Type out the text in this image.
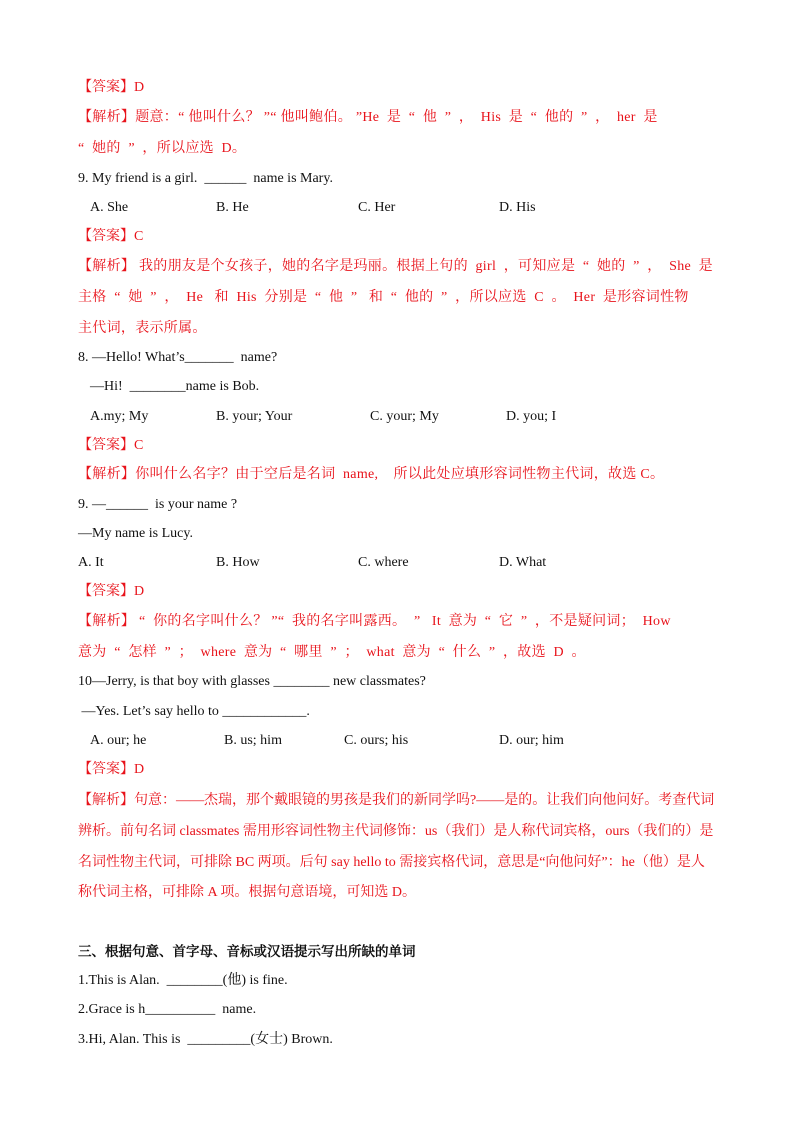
【答案】D
【解析】题意：“ 他叫什么？ ”“ 他叫鲍伯。 ”He  是  “  他  ”  ，  His  是  “  他的  ”  ，  her  是
“  她的  ”  ，所以应选  D。
9. My friend is a girl.  ______  name is Mary.
A. She	B. He	C. Her	D. His
【答案】C
【解析】 我的朋友是个女孩子，她的名字是玛丽。根据上句的  girl  ，可知应是  “  她的  ”  ，  She  是
主格  “  她  ”  ，  He   和  His  分别是  “  他  ”   和  “  他的  ”  ，所以应选  C  。  Her  是形容词性物
主代词，表示所属。
8. —Hello! What’s_______  name?
—Hi!  ________name is Bob.
A.my; My	B. your; Your	C. your; My	D. you; I
【答案】C
【解析】你叫什么名字？由于空后是名词  name,    所以此处应填形容词性物主代词，故选 C。
9. —______  is your name ?
—My name is Lucy.
A. It	B. How	C. where	D. What
【答案】D
【解析】 “  你的名字叫什么？ ”“  我的名字叫露西。  ”   It  意为  “  它  ”  ，不是疑问词；  How
意为  “  怎样  ”  ；  where  意为  “  哪里  ”  ；  what  意为  “  什么  ”  ，故选  D  。
10—Jerry, is that boy with glasses ________ new classmates?
—Yes. Let’s say hello to ____________.
A. our; he	B. us; him	C. ours; his	D. our; him
【答案】D
【解析】句意：——杰瑞，那个戴眼镜的男孩是我们的新同学吗?——是的。让我们向他问好。考查代词
辨析。前句名词 classmates 需用形容词性物主代词修饰：us（我们）是人称代词宾格，ours（我们的）是
名词性物主代词，可排除 BC 两项。后句 say hello to 需接宾格代词，意思是“向他问好”：he（他）是人
称代词主格，可排除 A 项。根据句意语境，可知选 D。
三、根据句意、首字母、音标或汉语提示写出所缺的单词
1.This is Alan.  ________(他) is fine.
2.Grace is h__________  name.
3.Hi, Alan. This is  _________(女士) Brown.
